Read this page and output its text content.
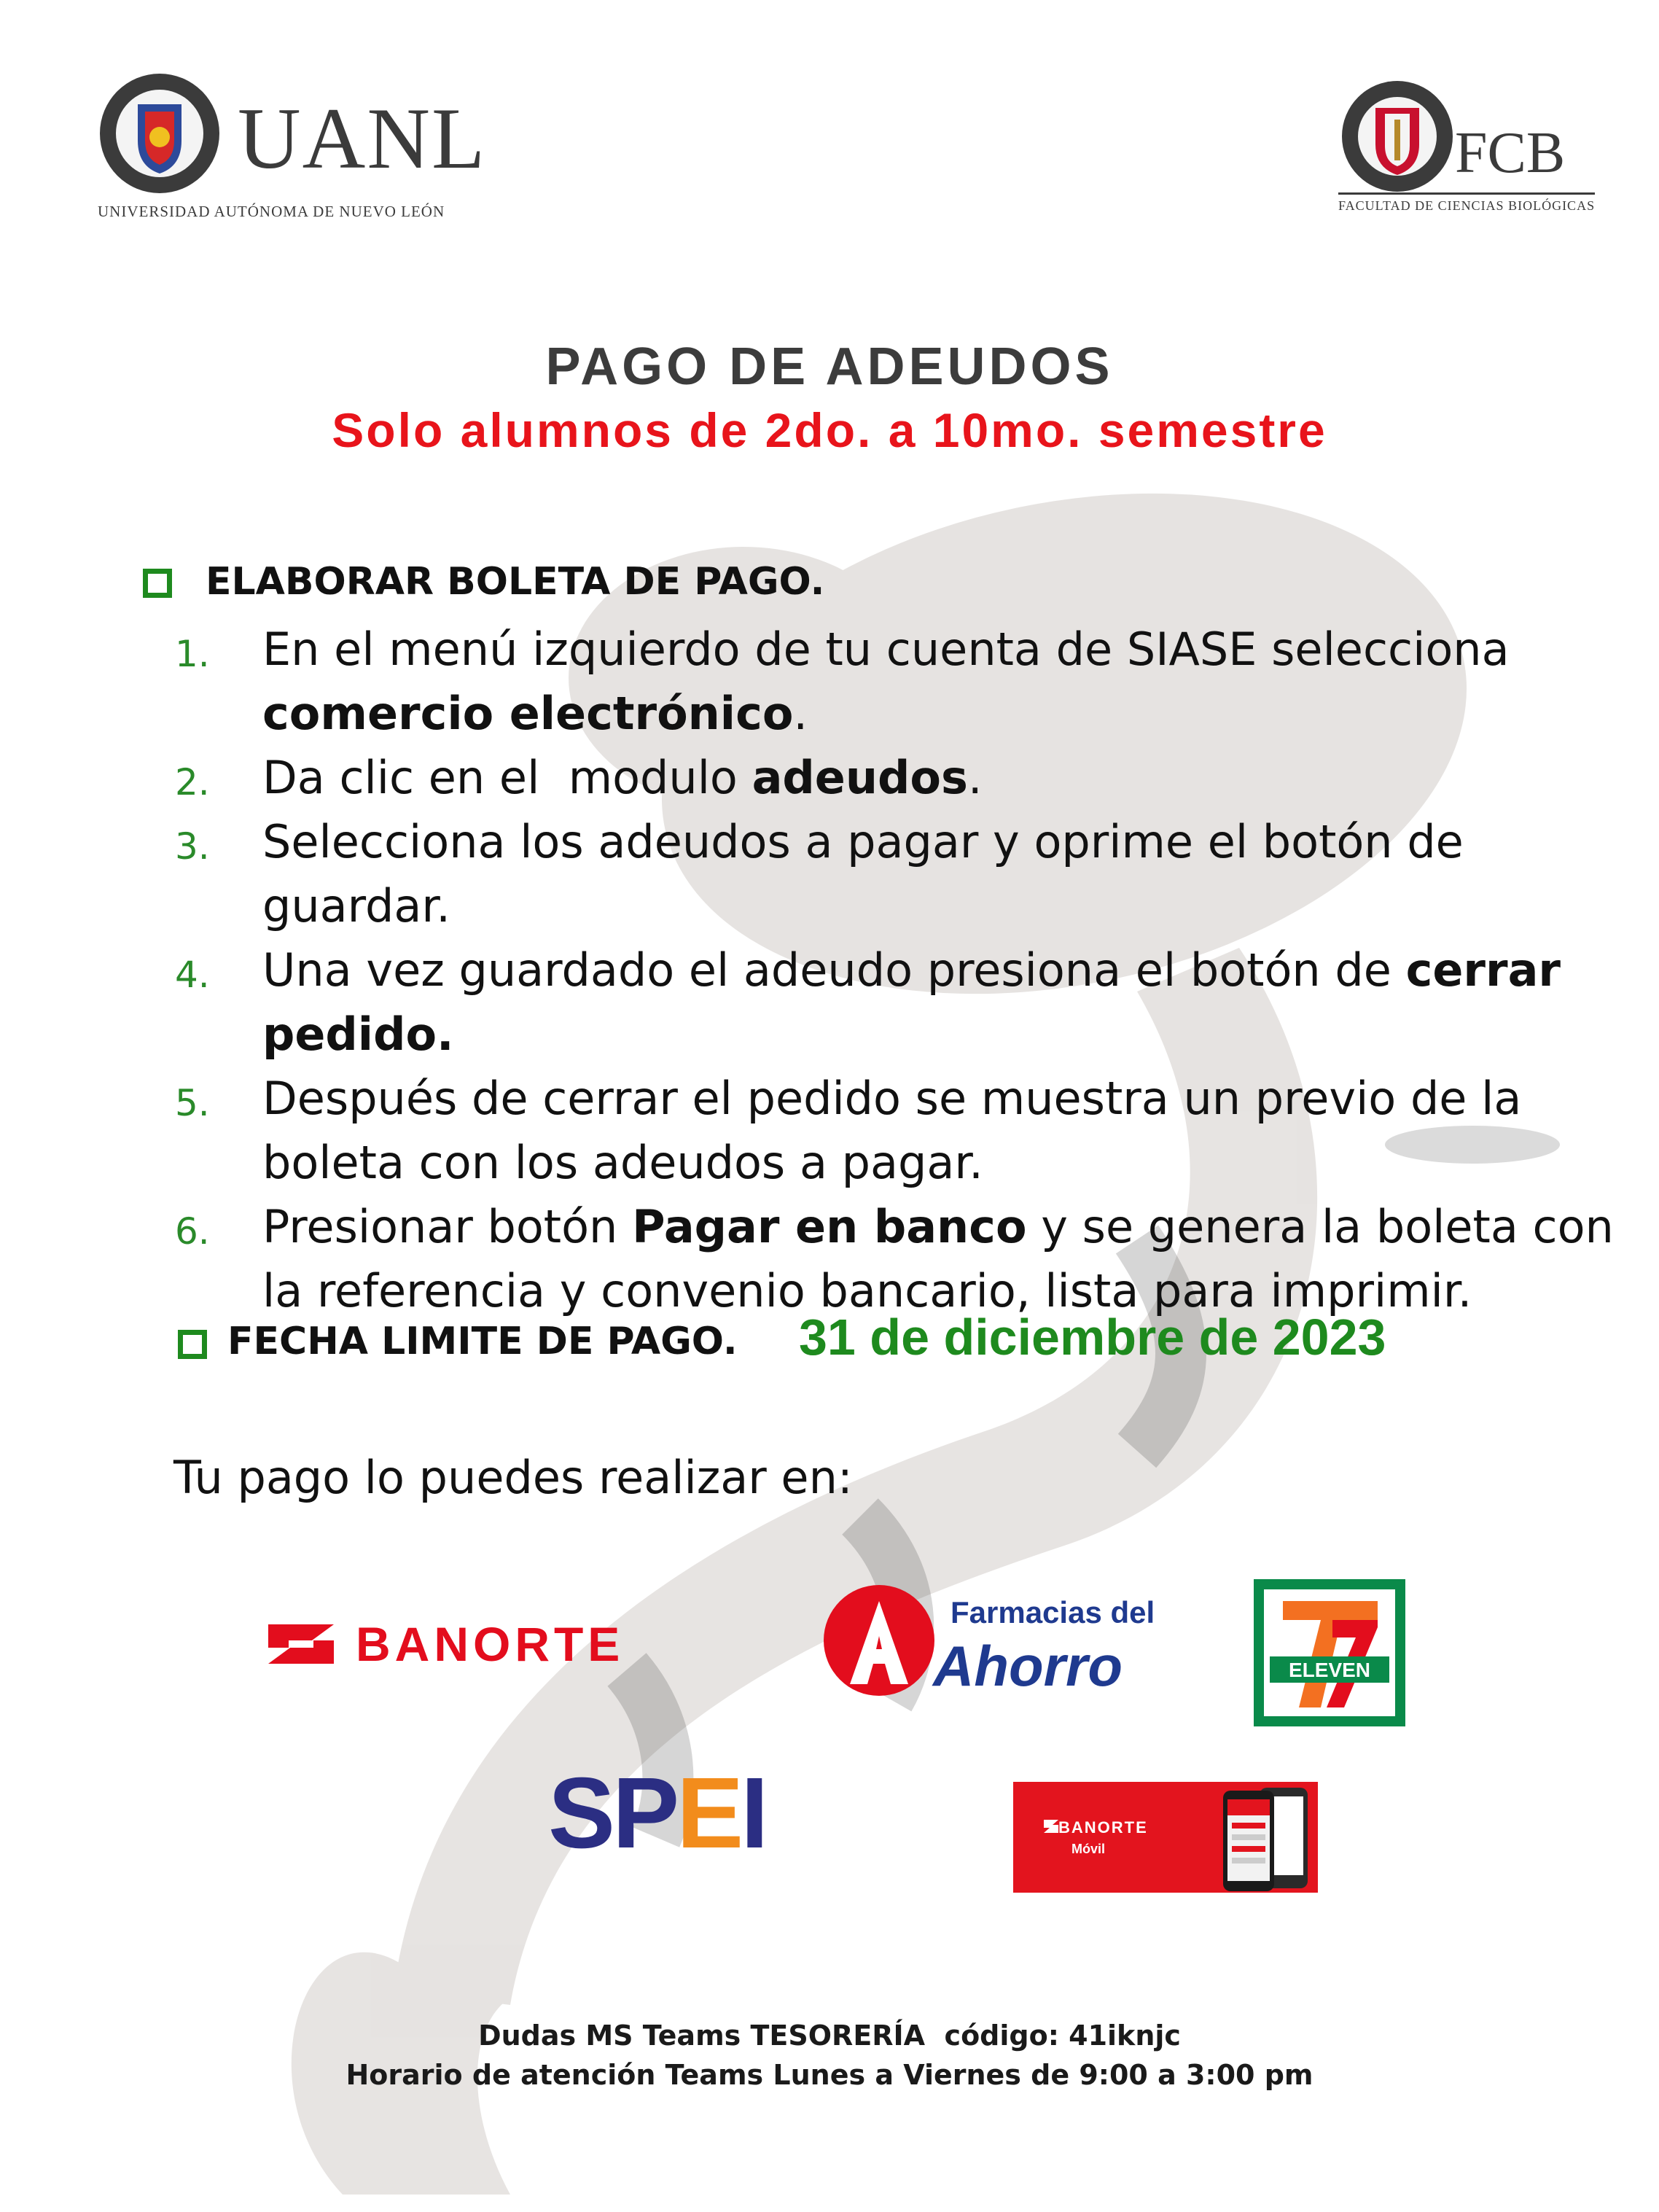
UANL
UNIVERSIDAD AUTÓNOMA DE NUEVO LEÓN
FCB
FACULTAD DE CIENCIAS BIOLÓGICAS
PAGO DE ADEUDOS
Solo alumnos de 2do. a 10mo. semestre
ELABORAR BOLETA DE PAGO.
1. En el menú izquierdo de tu cuenta de SIASE selecciona
comercio electrónico.
2. Da clic en el  modulo adeudos.
3. Selecciona los adeudos a pagar y oprime el botón de
guardar.
4. Una vez guardado el adeudo presiona el botón de cerrar
pedido.
5. Después de cerrar el pedido se muestra un previo de la
boleta con los adeudos a pagar.
6. Presionar botón Pagar en banco y se genera la boleta con
la referencia y convenio bancario, lista para imprimir.
FECHA LIMITE DE PAGO. 31 de diciembre de 2023
Tu pago lo puedes realizar en:
BANORTE
Farmacias del
Ahorro	ELEVEN
SPEI	BANORTE
Móvil
Dudas MS Teams TESORERÍA  código: 41iknjc
Horario de atención Teams Lunes a Viernes de 9:00 a 3:00 pm
